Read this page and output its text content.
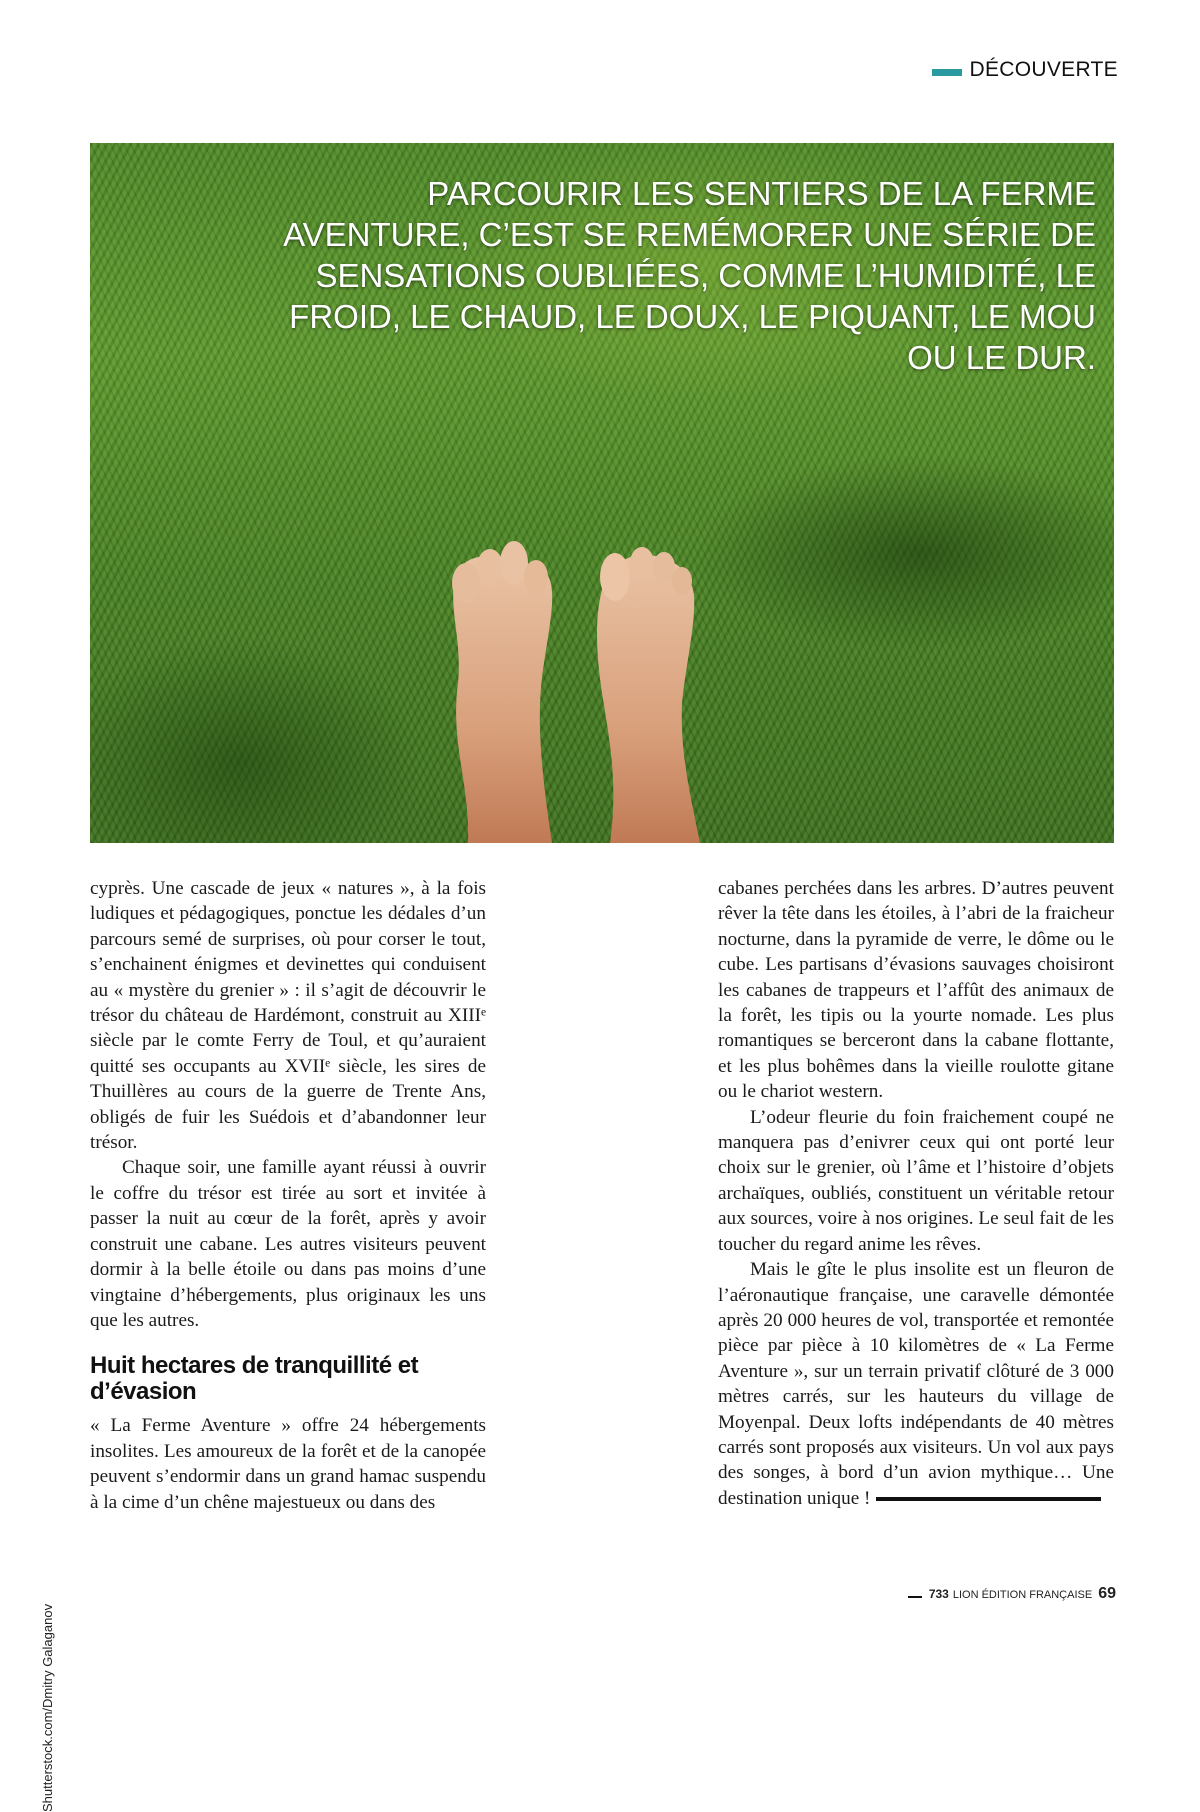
DÉCOUVERTE

PARCOURIR LES SENTIERS DE LA FERME AVENTURE, C’EST SE REMÉMORER UNE SÉRIE DE SENSATIONS OUBLIÉES, COMME L’HUMIDITÉ, LE FROID, LE CHAUD, LE DOUX, LE PIQUANT, LE MOU OU LE DUR.

Shutterstock.com/Dmitry Galaganov

cyprès. Une cascade de jeux « natures », à la fois ludiques et pédagogiques, ponctue les dédales d’un parcours semé de surprises, où pour corser le tout, s’enchainent énigmes et devinettes qui conduisent au « mystère du grenier » : il s’agit de découvrir le trésor du château de Hardémont, construit au XIIIᵉ siècle par le comte Ferry de Toul, et qu’auraient quitté ses occupants au XVIIᵉ siècle, les sires de Thuillères au cours de la guerre de Trente Ans, obligés de fuir les Suédois et d’abandonner leur trésor.

Chaque soir, une famille ayant réussi à ouvrir le coffre du trésor est tirée au sort et invitée à passer la nuit au cœur de la forêt, après y avoir construit une cabane. Les autres visiteurs peuvent dormir à la belle étoile ou dans pas moins d’une vingtaine d’hébergements, plus originaux les uns que les autres.

Huit hectares de tranquillité et d’évasion

« La Ferme Aventure » offre 24 hébergements insolites. Les amoureux de la forêt et de la canopée peuvent s’endormir dans un grand hamac suspendu à la cime d’un chêne majestueux ou dans des

cabanes perchées dans les arbres. D’autres peuvent rêver la tête dans les étoiles, à l’abri de la fraicheur nocturne, dans la pyramide de verre, le dôme ou le cube. Les partisans d’évasions sauvages choisiront les cabanes de trappeurs et l’affût des animaux de la forêt, les tipis ou la yourte nomade. Les plus romantiques se berceront dans la cabane flottante, et les plus bohêmes dans la vieille roulotte gitane ou le chariot western.

L’odeur fleurie du foin fraichement coupé ne manquera pas d’enivrer ceux qui ont porté leur choix sur le grenier, où l’âme et l’histoire d’objets archaïques, oubliés, constituent un véritable retour aux sources, voire à nos origines. Le seul fait de les toucher du regard anime les rêves.

Mais le gîte le plus insolite est un fleuron de l’aéronautique française, une caravelle démontée après 20 000 heures de vol, transportée et remontée pièce par pièce à 10 kilomètres de « La Ferme Aventure », sur un terrain privatif clôturé de 3 000 mètres carrés, sur les hauteurs du village de Moyenpal. Deux lofts indépendants de 40 mètres carrés sont proposés aux visiteurs. Un vol aux pays des songes, à bord d’un avion mythique… Une destination unique !

733 LION ÉDITION FRANÇAISE 69
